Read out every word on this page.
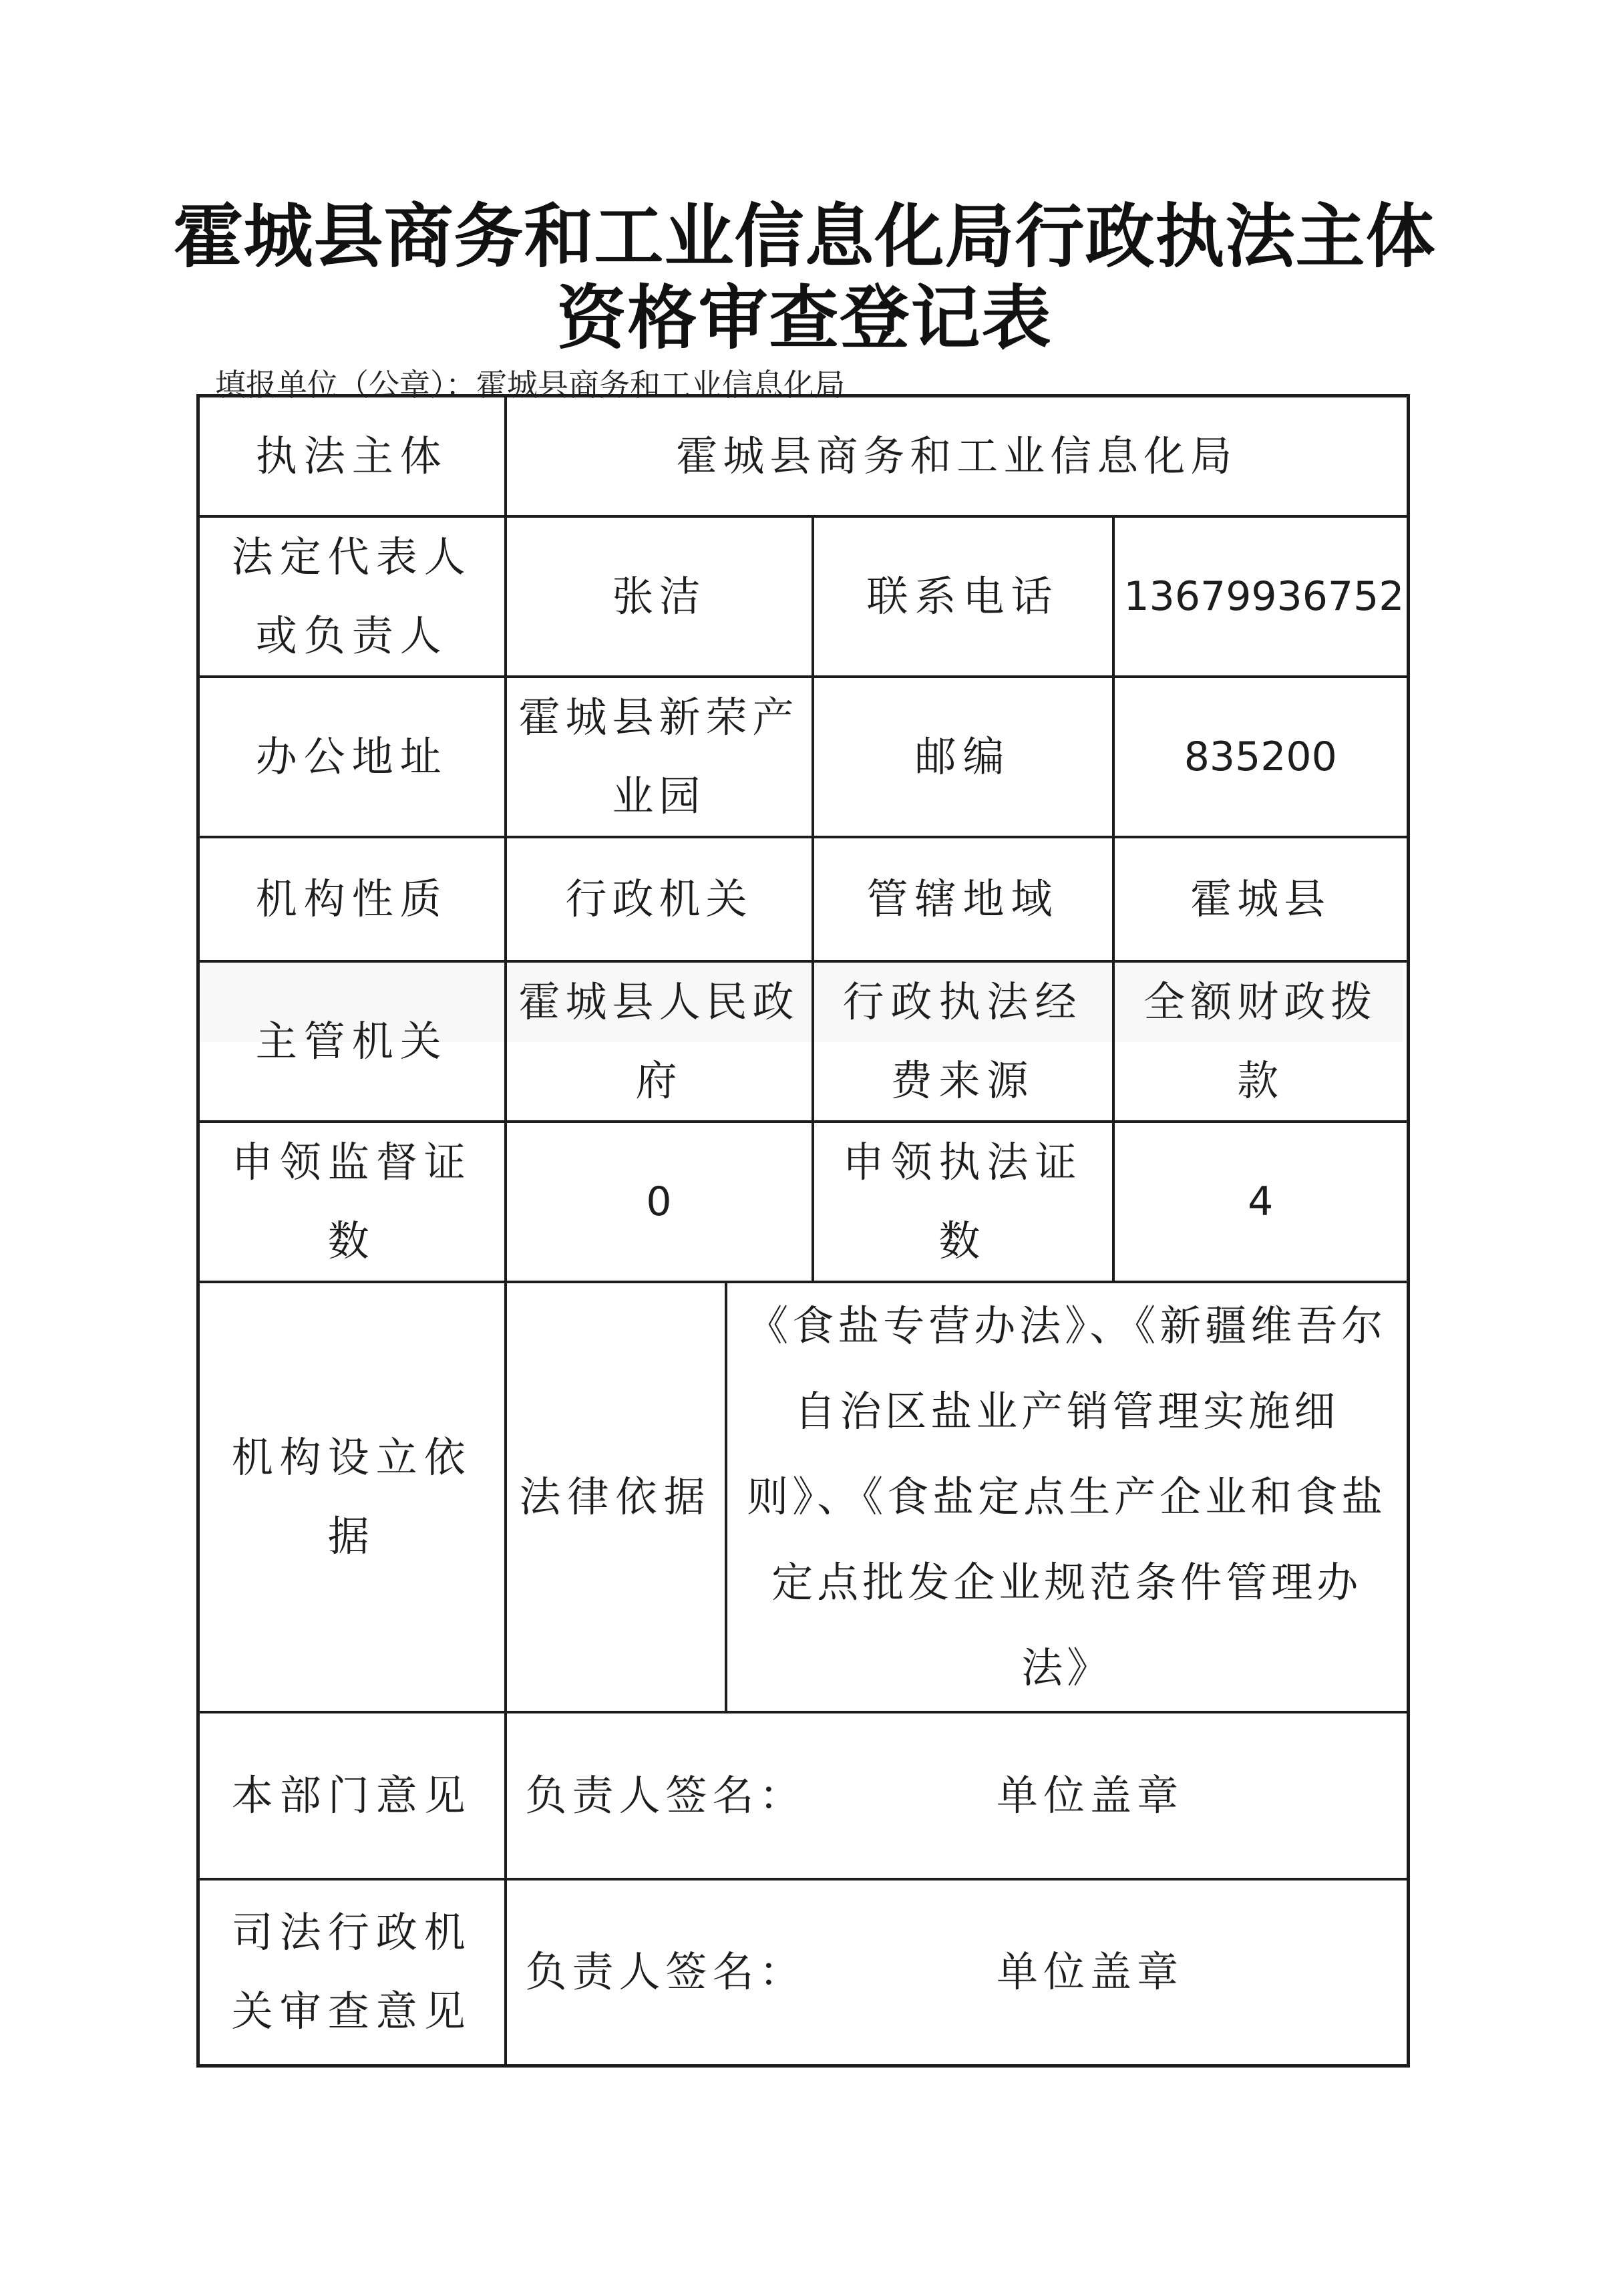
霍城县商务和工业信息化局行政执法主体
资格审查登记表
填报单位（公章）：霍城县商务和工业信息化局
执法主体	霍城县商务和工业信息化局			
法定代表人或负责人	张洁		联系电话	13679936752
办公地址	霍城县新荣产业园		邮编	835200
机构性质	行政机关		管辖地域	霍城县
主管机关	霍城县人民政府		行政执法经费来源	全额财政拨款
申领监督证数	0		申领执法证数	4
机构设立依据	法律依据	《食盐专营办法》、《新疆维吾尔自治区盐业产销管理实施细则》、《食盐定点生产企业和食盐定点批发企业规范条件管理办法》		
本部门意见	负责人签名： 单位盖章			

司法行政机关审查意见	负责人签名： 单位盖章			
